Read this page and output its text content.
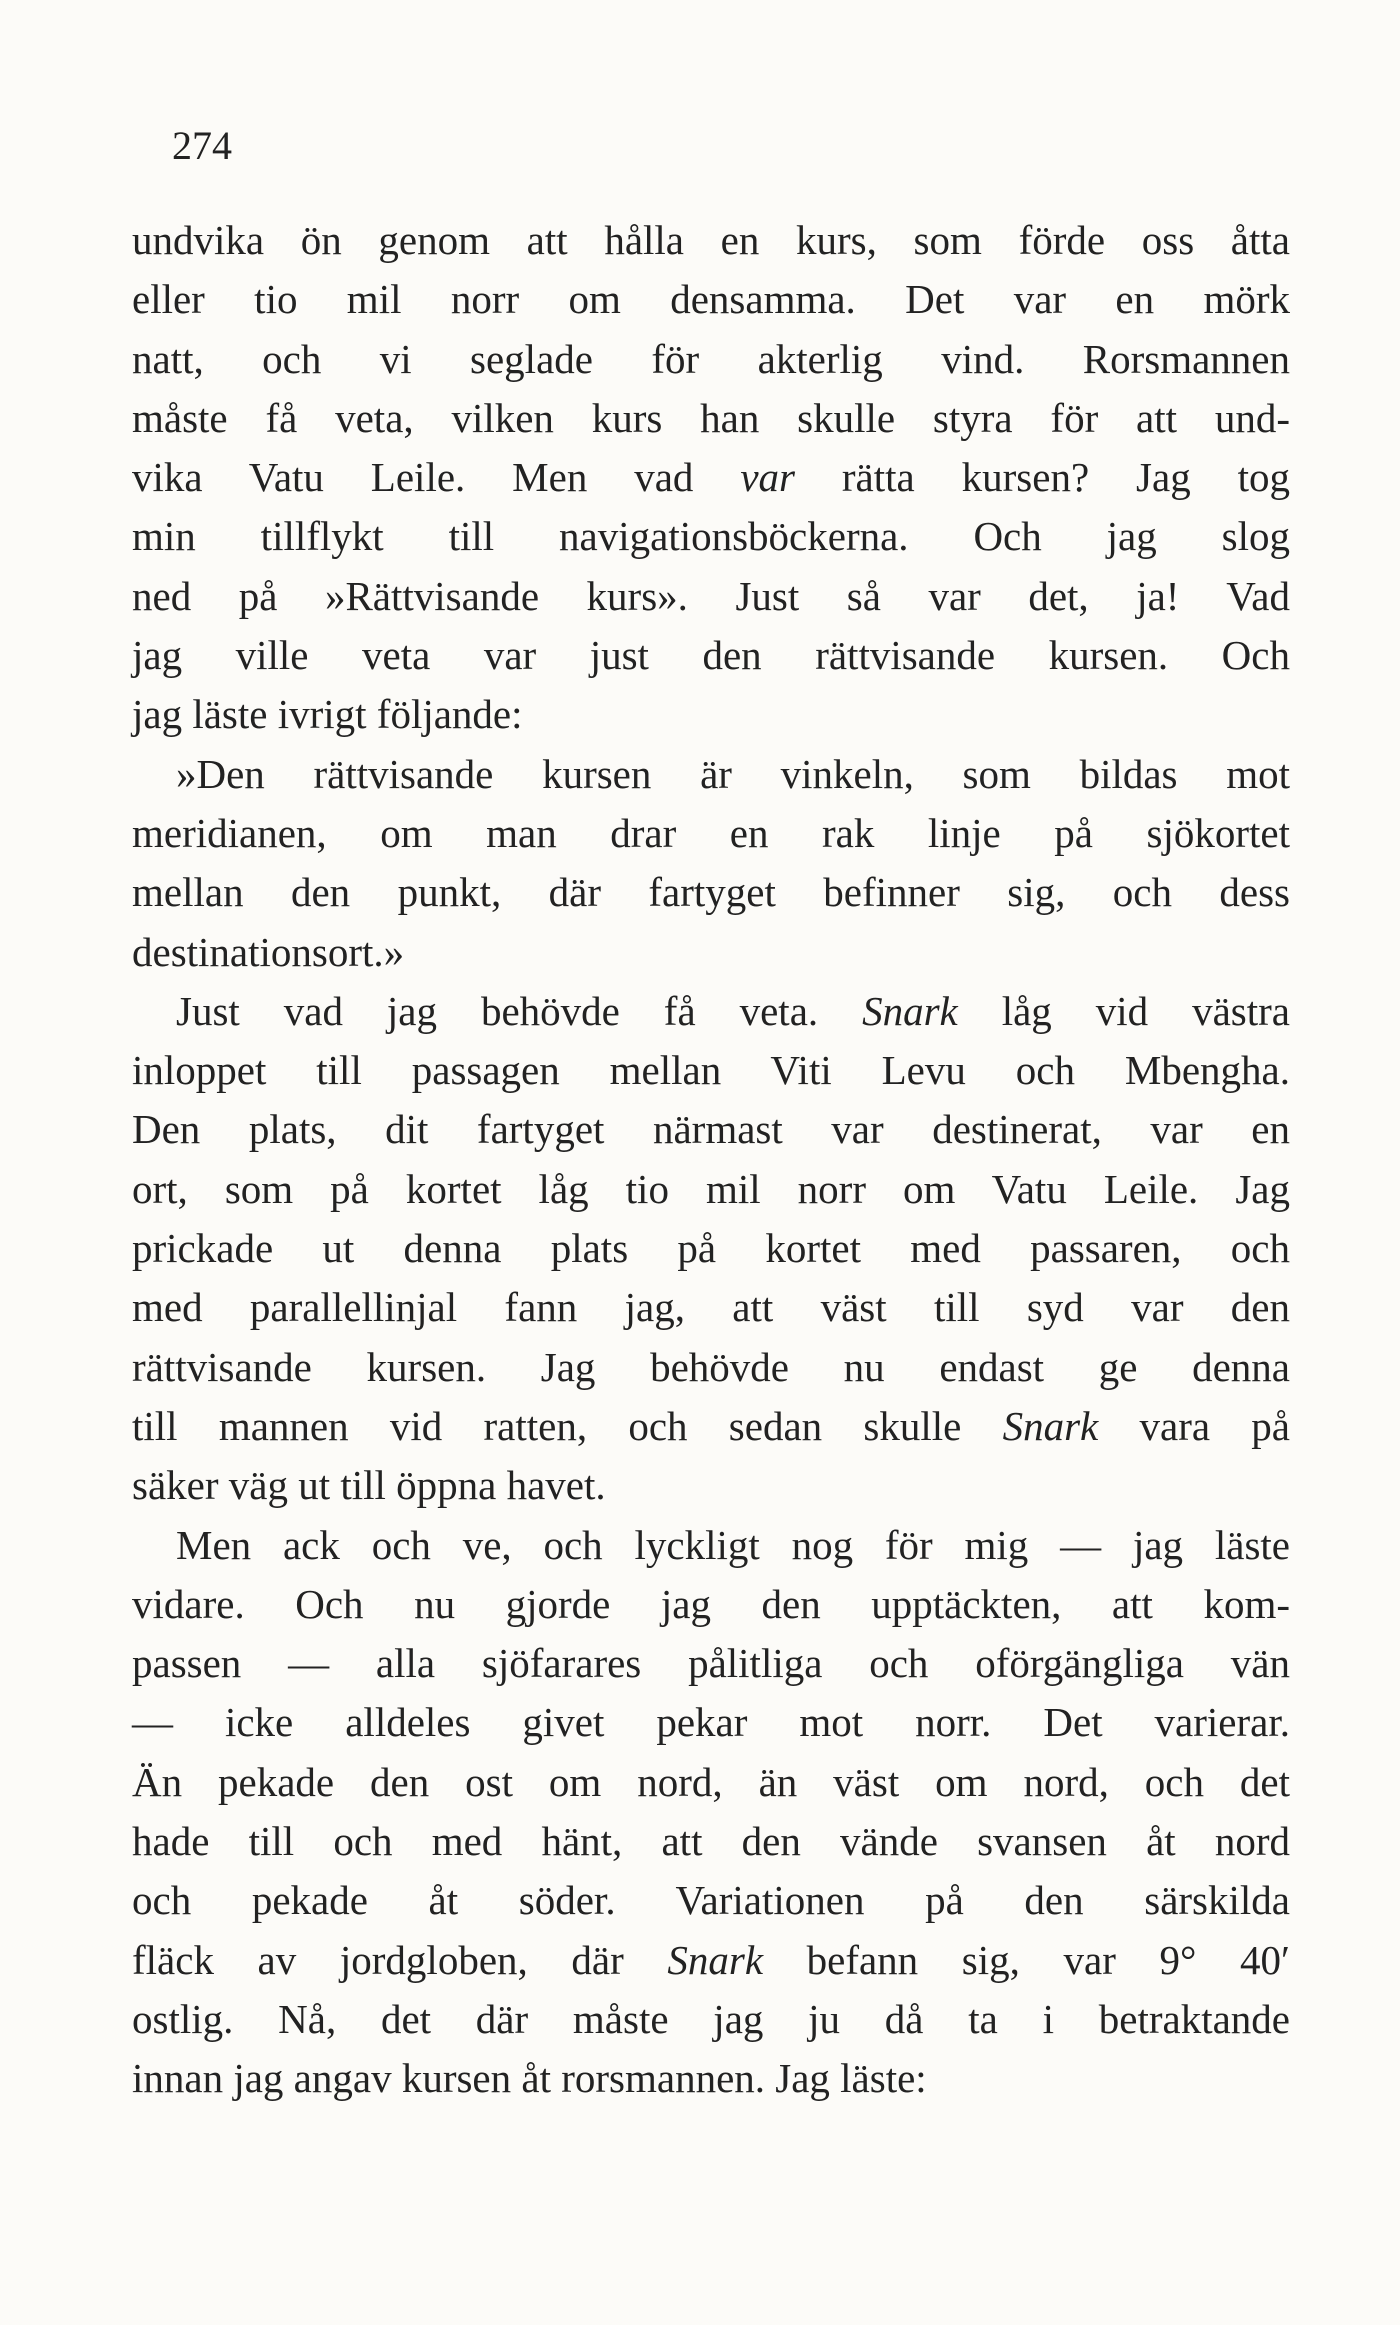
274
undvika ön genom att hålla en kurs, som förde oss åtta
eller tio mil norr om densamma. Det var en mörk
natt, och vi seglade för akterlig vind. Rorsmannen
måste få veta, vilken kurs han skulle styra för att und-
vika Vatu Leile. Men vad var rätta kursen? Jag tog
min tillflykt till navigationsböckerna. Och jag slog
ned på »Rättvisande kurs». Just så var det, ja! Vad
jag ville veta var just den rättvisande kursen. Och
jag läste ivrigt följande:
»Den rättvisande kursen är vinkeln, som bildas mot
meridianen, om man drar en rak linje på sjökortet
mellan den punkt, där fartyget befinner sig, och dess
destinationsort.»
Just vad jag behövde få veta. Snark låg vid västra
inloppet till passagen mellan Viti Levu och Mbengha.
Den plats, dit fartyget närmast var destinerat, var en
ort, som på kortet låg tio mil norr om Vatu Leile. Jag
prickade ut denna plats på kortet med passaren, och
med parallellinjal fann jag, att väst till syd var den
rättvisande kursen. Jag behövde nu endast ge denna
till mannen vid ratten, och sedan skulle Snark vara på
säker väg ut till öppna havet.
Men ack och ve, och lyckligt nog för mig — jag läste
vidare. Och nu gjorde jag den upptäckten, att kom-
passen — alla sjöfarares pålitliga och oförgängliga vän
— icke alldeles givet pekar mot norr. Det varierar.
Än pekade den ost om nord, än väst om nord, och det
hade till och med hänt, att den vände svansen åt nord
och pekade åt söder. Variationen på den särskilda
fläck av jordgloben, där Snark befann sig, var 9° 40′
ostlig. Nå, det där måste jag ju då ta i betraktande
innan jag angav kursen åt rorsmannen. Jag läste:
